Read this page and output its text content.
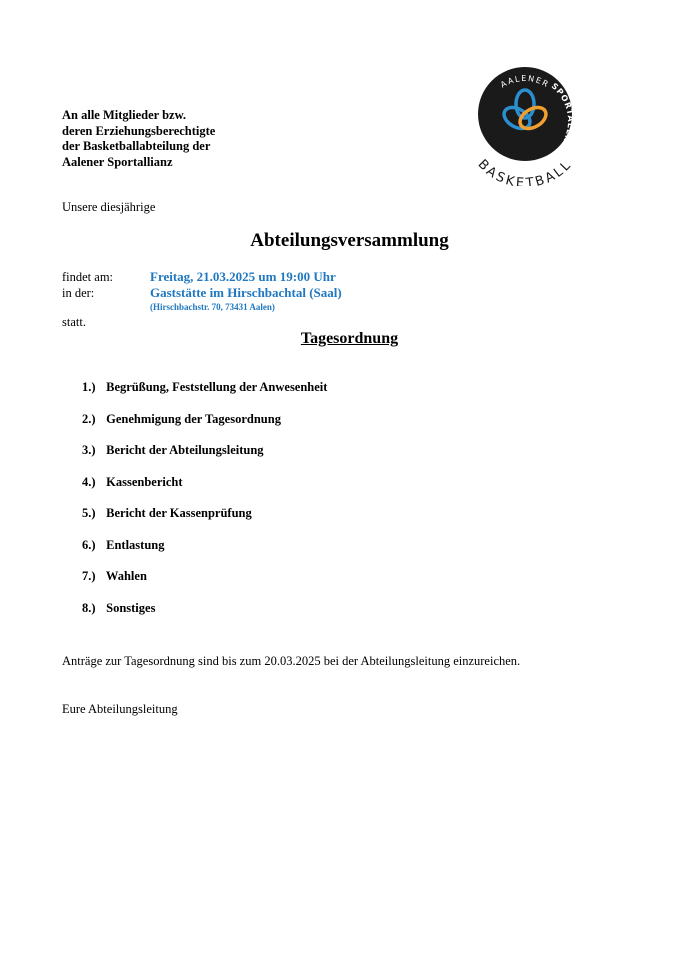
An alle Mitglieder bzw.
deren Erziehungsberechtigte
der Basketballabteilung der
Aalener Sportallianz
AALENER
SPORTALLIANZ
BASKETBALL
Unsere diesjährige
Abteilungsversammlung
findet am:	Freitag, 21.03.2025 um 19:00 Uhr
in der:	Gaststätte im Hirschbachtal (Saal)
(Hirschbachstr. 70, 73431 Aalen)
statt.
Tagesordnung
1.) Begrüßung, Feststellung der Anwesenheit
2.) Genehmigung der Tagesordnung
3.) Bericht der Abteilungsleitung
4.) Kassenbericht
5.) Bericht der Kassenprüfung
6.) Entlastung
7.) Wahlen
8.) Sonstiges
Anträge zur Tagesordnung sind bis zum 20.03.2025 bei der Abteilungsleitung einzureichen.
Eure Abteilungsleitung
